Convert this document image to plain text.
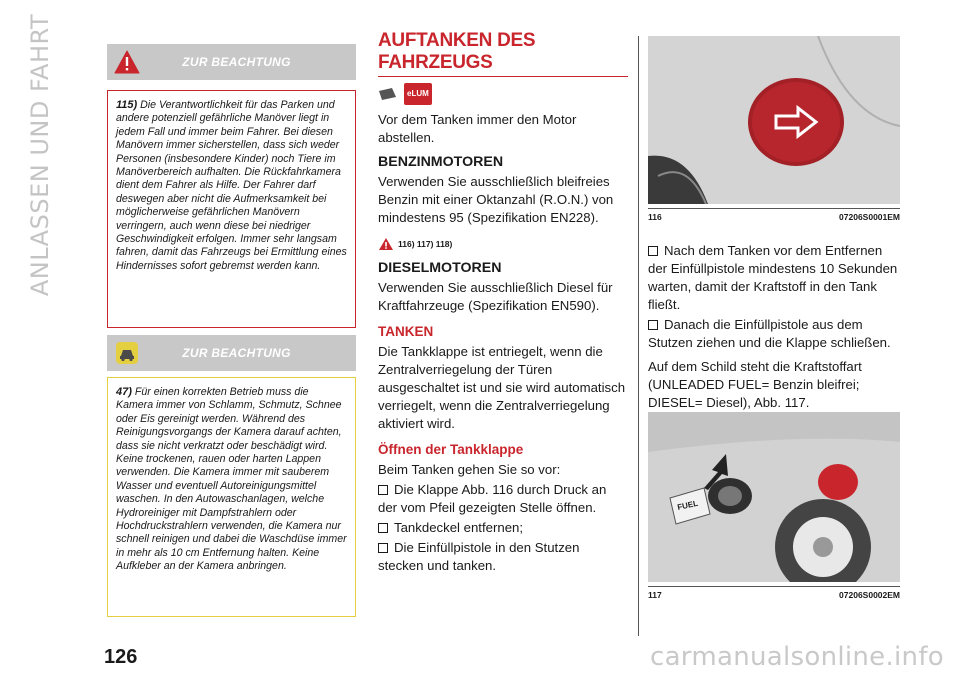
ANLASSEN UND FAHRT	ZUR BEACHTUNG
115) Die Verantwortlichkeit für das Parken und andere potenziell gefährliche Manöver liegt in jedem Fall und immer beim Fahrer. Bei diesen Manövern immer sicherstellen, dass sich weder Personen (insbesondere Kinder) noch Tiere im Manöverbereich aufhalten. Die Rückfahrkamera dient dem Fahrer als Hilfe. Der Fahrer darf deswegen aber nicht die Aufmerksamkeit bei möglicherweise gefährlichen Manövern verringern, auch wenn diese bei niedriger Geschwindigkeit erfolgen. Immer sehr langsam fahren, damit das Fahrzeugs bei Ermittlung eines Hindernisses sofort gebremst werden kann.
ZUR BEACHTUNG
47) Für einen korrekten Betrieb muss die Kamera immer von Schlamm, Schmutz, Schnee oder Eis gereinigt werden. Während des Reinigungsvorgangs der Kamera darauf achten, dass sie nicht verkratzt oder beschädigt wird. Keine trockenen, rauen oder harten Lappen verwenden. Die Kamera immer mit sauberem Wasser und eventuell Autoreinigungsmittel waschen. In den Autowaschanlagen, welche Hydroreiniger mit Dampfstrahlern oder Hochdruckstrahlern verwenden, die Kamera nur schnell reinigen und dabei die Waschdüse immer in mehr als 10 cm Entfernung halten. Keine Aufkleber an der Kamera anbringen.
AUFTANKEN DES FAHRZEUGS
eLUM
Vor dem Tanken immer den Motor abstellen.
BENZINMOTOREN
Verwenden Sie ausschließlich bleifreies Benzin mit einer Oktanzahl (R.O.N.) von mindestens 95 (Spezifikation EN228).
116) 117) 118)
DIESELMOTOREN
Verwenden Sie ausschließlich Diesel für Kraftfahrzeuge (Spezifikation EN590).
TANKEN
Die Tankklappe ist entriegelt, wenn die Zentralverriegelung der Türen ausgeschaltet ist und sie wird automatisch verriegelt, wenn die Zentralverriegelung aktiviert wird.
Öffnen der Tankklappe
Beim Tanken gehen Sie so vor:
Die Klappe Abb. 116 durch Druck an der vom Pfeil gezeigten Stelle öffnen.
Tankdeckel entfernen;
Die Einfüllpistole in den Stutzen stecken und tanken.
116	07206S0001EM
Nach dem Tanken vor dem Entfernen der Einfüllpistole mindestens 10 Sekunden warten, damit der Kraftstoff in den Tank fließt.
Danach die Einfüllpistole aus dem Stutzen ziehen und die Klappe schließen.
Auf dem Schild steht die Kraftstoffart (UNLEADED FUEL= Benzin bleifrei; DIESEL= Diesel), Abb. 117.
FUEL
117	07206S0002EM
126	carmanualsonline.info
